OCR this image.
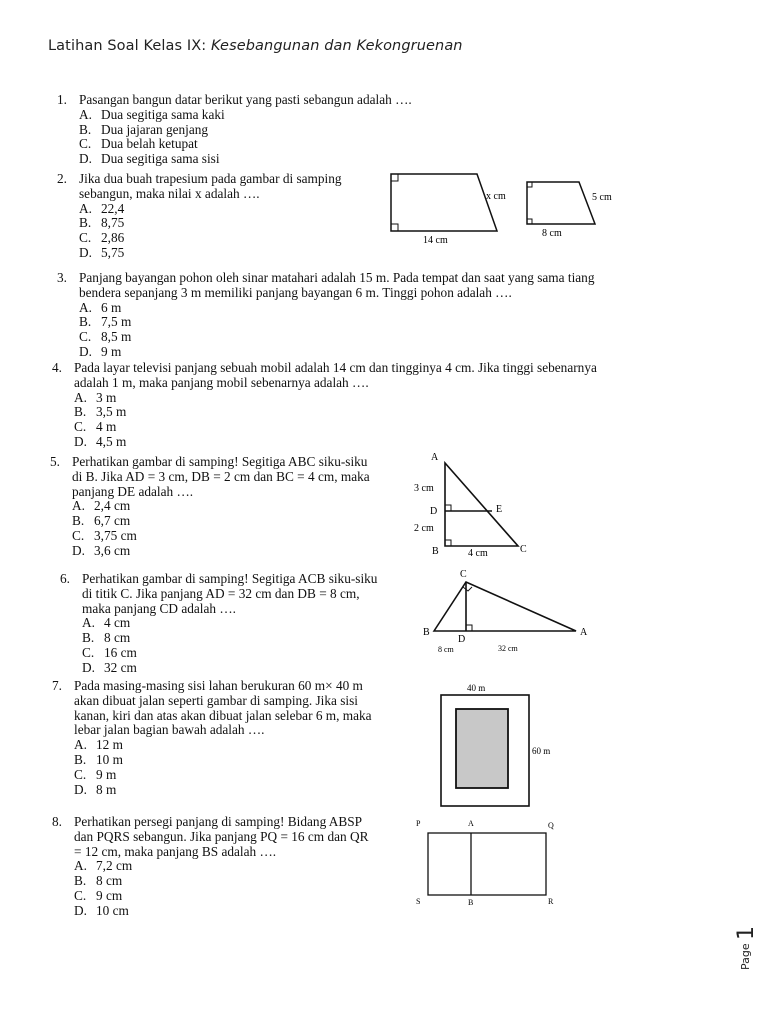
Latihan Soal Kelas IX: Kesebangunan dan Kekongruenan
1. Pasangan bangun datar berikut yang pasti sebangun adalah ….
A. Dua segitiga sama kaki
B. Dua jajaran genjang
C. Dua belah ketupat
D. Dua segitiga sama sisi
2. Jika dua buah trapesium pada gambar di samping
sebangun, maka nilai x adalah ….
A. 22,4
B. 8,75
C. 2,86
D. 5,75
x cm
14 cm
5 cm
8 cm
3. Panjang bayangan pohon oleh sinar matahari adalah 15 m. Pada tempat dan saat yang sama tiang
bendera sepanjang 3 m memiliki panjang bayangan 6 m. Tinggi pohon adalah ….
A. 6 m
B. 7,5 m
C. 8,5 m
D. 9 m
4. Pada layar televisi panjang sebuah mobil adalah 14 cm dan tingginya 4 cm. Jika tinggi sebenarnya
adalah 1 m, maka panjang mobil sebenarnya adalah ….
A. 3 m
B. 3,5 m
C. 4 m
D. 4,5 m
5. Perhatikan gambar di samping! Segitiga ABC siku-siku
di B. Jika AD = 3 cm, DB = 2 cm dan BC = 4 cm, maka
panjang DE adalah ….
A. 2,4 cm
B. 6,7 cm
C. 3,75 cm
D. 3,6 cm
A
D	E
B	C
3 cm
2 cm
4 cm
6. Perhatikan gambar di samping! Segitiga ACB siku-siku
di titik C. Jika panjang AD = 32 cm dan DB = 8 cm,
maka panjang CD adalah ….
A. 4 cm
B. 8 cm
C. 16 cm
D. 32 cm
C
B
D
A
8 cm	32 cm
7. Pada masing-masing sisi lahan berukuran 60 m× 40 m
akan dibuat jalan seperti gambar di samping. Jika sisi
kanan, kiri dan atas akan dibuat jalan selebar 6 m, maka
lebar jalan bagian bawah adalah ….
A. 12 m
B. 10 m
C. 9 m
D. 8 m
40 m
60 m
8. Perhatikan persegi panjang di samping! Bidang ABSP
dan PQRS sebangun. Jika panjang PQ = 16 cm dan QR
= 12 cm, maka panjang BS adalah ….
A. 7,2 cm
B. 8 cm
C. 9 cm
D. 10 cm
P	A	Q
S	B	R
Page
1
